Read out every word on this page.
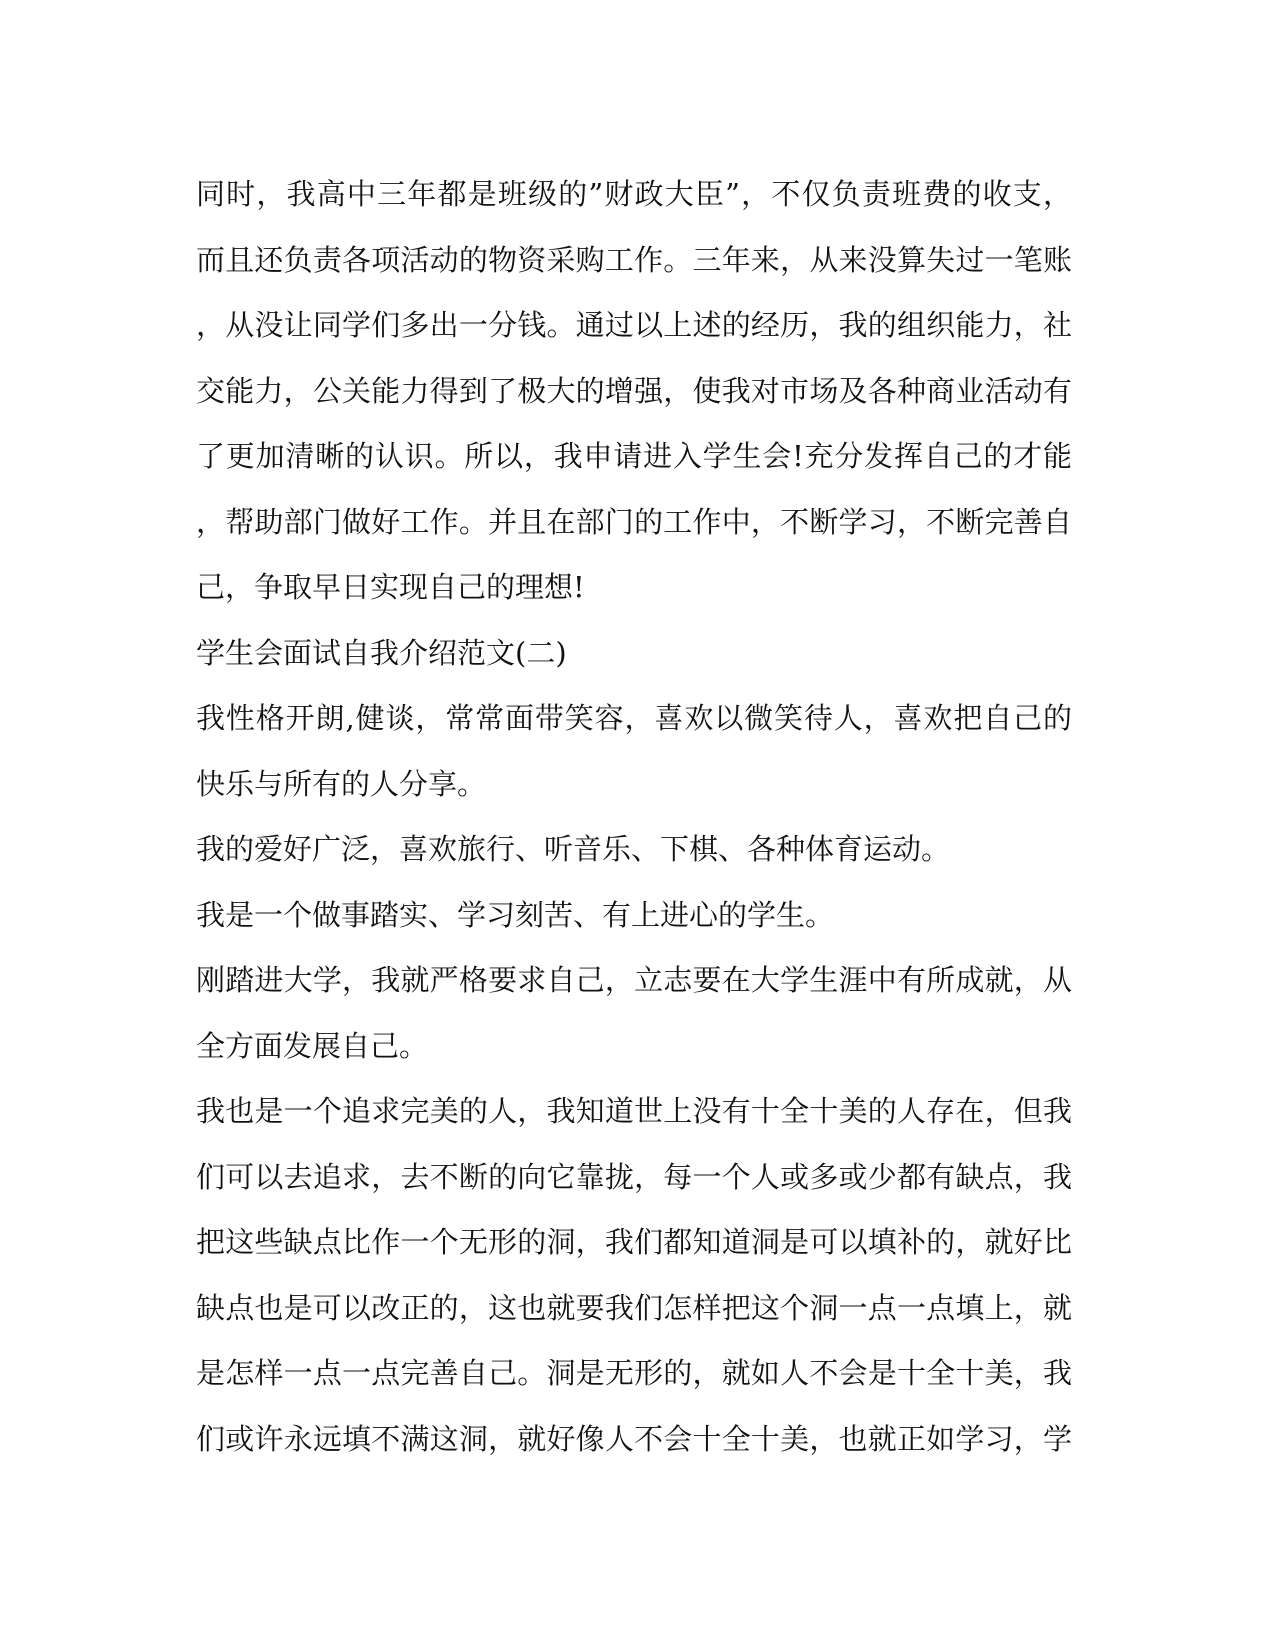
同时，我高中三年都是班级的”财政大臣”，不仅负责班费的收支，
而且还负责各项活动的物资采购工作。三年来，从来没算失过一笔账
，从没让同学们多出一分钱。通过以上述的经历，我的组织能力，社
交能力，公关能力得到了极大的增强，使我对市场及各种商业活动有
了更加清晰的认识。所以，我申请进入学生会!充分发挥自己的才能
，帮助部门做好工作。并且在部门的工作中，不断学习，不断完善自
己，争取早日实现自己的理想!
学生会面试自我介绍范文(二)
我性格开朗,健谈，常常面带笑容，喜欢以微笑待人，喜欢把自己的
快乐与所有的人分享。
我的爱好广泛，喜欢旅行、听音乐、下棋、各种体育运动。
我是一个做事踏实、学习刻苦、有上进心的学生。
刚踏进大学，我就严格要求自己，立志要在大学生涯中有所成就，从
全方面发展自己。
我也是一个追求完美的人，我知道世上没有十全十美的人存在，但我
们可以去追求，去不断的向它靠拢，每一个人或多或少都有缺点，我
把这些缺点比作一个无形的洞，我们都知道洞是可以填补的，就好比
缺点也是可以改正的，这也就要我们怎样把这个洞一点一点填上，就
是怎样一点一点完善自己。洞是无形的，就如人不会是十全十美，我
们或许永远填不满这洞，就好像人不会十全十美，也就正如学习，学
